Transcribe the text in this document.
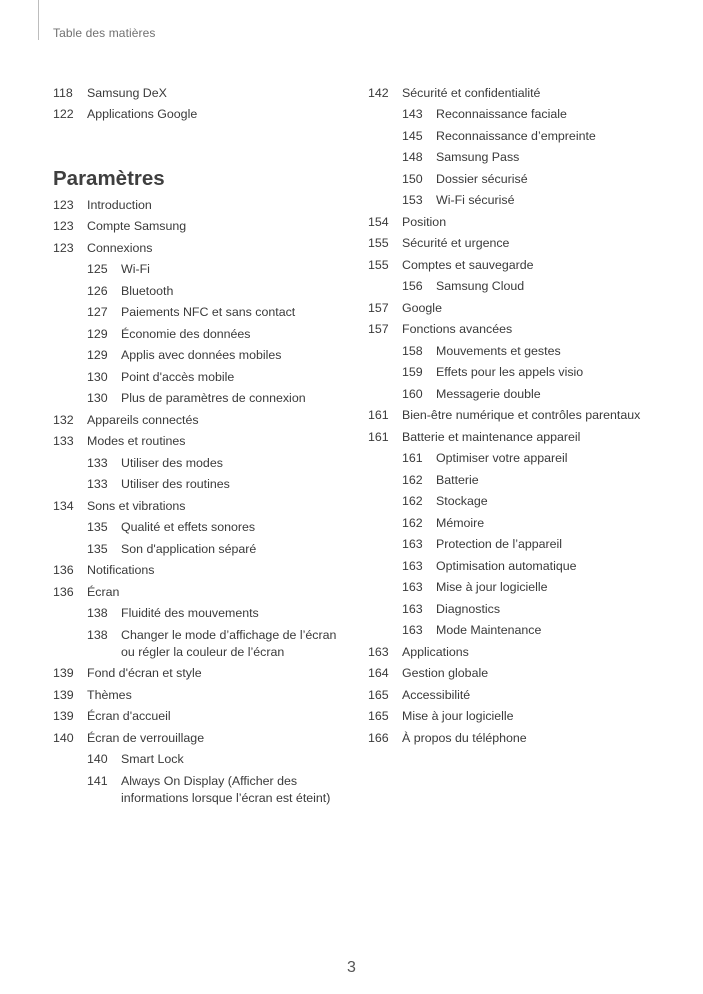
Table des matières
118	Samsung DeX
122	Applications Google
Paramètres
123	Introduction
123	Compte Samsung
123	Connexions
125	Wi-Fi
126	Bluetooth
127	Paiements NFC et sans contact
129	Économie des données
129	Applis avec données mobiles
130	Point d'accès mobile
130	Plus de paramètres de connexion
132	Appareils connectés
133	Modes et routines
133	Utiliser des modes
133	Utiliser des routines
134	Sons et vibrations
135	Qualité et effets sonores
135	Son d'application séparé
136	Notifications
136	Écran
138	Fluidité des mouvements
138	Changer le mode d’affichage de l’écran ou régler la couleur de l’écran
139	Fond d'écran et style
139	Thèmes
139	Écran d'accueil
140	Écran de verrouillage
140	Smart Lock
141	Always On Display (Afficher des informations lorsque l’écran est éteint)
142	Sécurité et confidentialité
143	Reconnaissance faciale
145	Reconnaissance d’empreinte
148	Samsung Pass
150	Dossier sécurisé
153	Wi-Fi sécurisé
154	Position
155	Sécurité et urgence
155	Comptes et sauvegarde
156	Samsung Cloud
157	Google
157	Fonctions avancées
158	Mouvements et gestes
159	Effets pour les appels visio
160	Messagerie double
161	Bien-être numérique et contrôles parentaux
161	Batterie et maintenance appareil
161	Optimiser votre appareil
162	Batterie
162	Stockage
162	Mémoire
163	Protection de l’appareil
163	Optimisation automatique
163	Mise à jour logicielle
163	Diagnostics
163	Mode Maintenance
163	Applications
164	Gestion globale
165	Accessibilité
165	Mise à jour logicielle
166	À propos du téléphone
3
